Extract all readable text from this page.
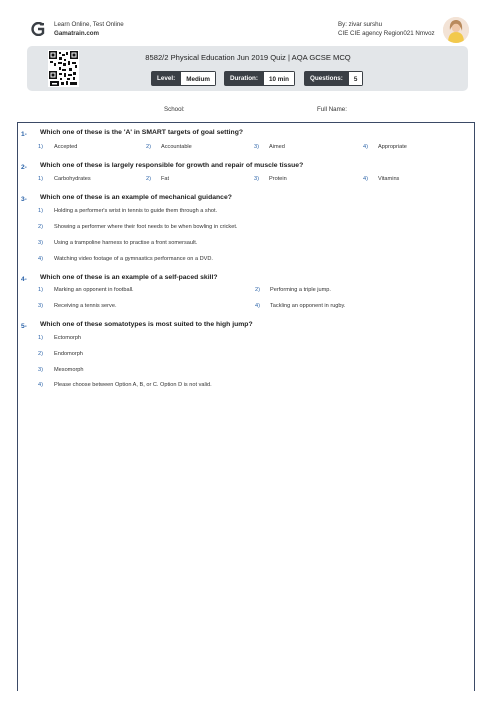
Learn Online, Test Online
Gamatrain.com
By: zivar surshu
CIE CIE agency Region021 Nmvoz
8582/2 Physical Education Jun 2019 Quiz | AQA GCSE MCQ
Level:	Medium	Duration:	10 min	Questions:	5
School:	Full Name:
1- Which one of these is the 'A' in SMART targets of goal setting?
1) Accepted	2) Accountable	3) Aimed	4) Appropriate
2- Which one of these is largely responsible for growth and repair of muscle tissue?
1) Carbohydrates	2) Fat	3) Protein	4) Vitamins
3- Which one of these is an example of mechanical guidance?
1) Holding a performer's wrist in tennis to guide them through a shot.
2) Showing a performer where their foot needs to be when bowling in cricket.
3) Using a trampoline harness to practise a front somersault.
4) Watching video footage of a gymnastics performance on a DVD.
4- Which one of these is an example of a self-paced skill?
1) Marking an opponent in football.	2) Performing a triple jump.
3) Receiving a tennis serve.	4) Tackling an opponent in rugby.
5- Which one of these somatotypes is most suited to the high jump?
1) Ectomorph
2) Endomorph
3) Mesomorph
4) Please choose between Option A, B, or C. Option D is not valid.
